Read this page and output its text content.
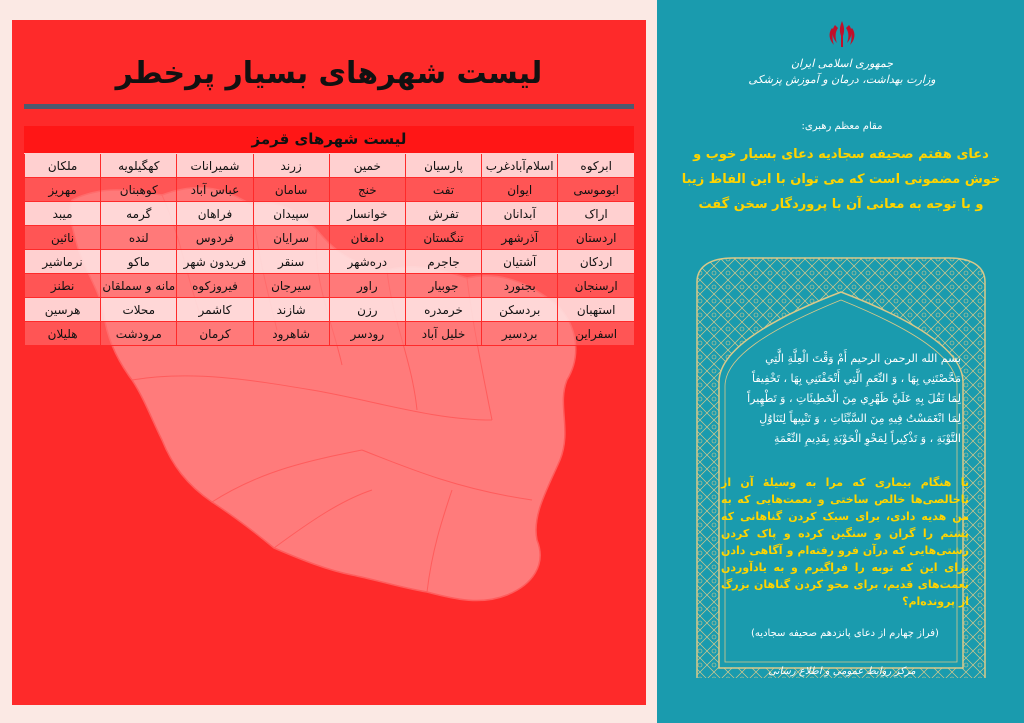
لیست شهرهای بسیار پرخطر
لیست شهرهای قرمز
ابرکوه	اسلام‌آباد‌غرب	پارسیان	خمین	زرند	شمیرانات	کهگیلویه	ملکان
ابوموسی	ایوان	تفت	خنج	سامان	عباس آباد	کوهبنان	مهریز
اراک	آبدانان	تفرش	خوانسار	سپیدان	فراهان	گرمه	میبد
اردستان	آذرشهر	تنگستان	دامغان	سرایان	فردوس	لنده	نائین
اردکان	آشتیان	جاجرم	دره‌شهر	سنقر	فریدون شهر	ماکو	نرماشیر
ارسنجان	بجنورد	جوبیار	راور	سیرجان	فیروزکوه	مانه و سملقان	نطنز
استهبان	بردسکن	خرمدره	رزن	شازند	کاشمر	محلات	هرسین
اسفراین	بردسیر	خلیل آباد	رودسر	شاهرود	کرمان	مرودشت	هلیلان
جمهوری اسلامی ایران
وزارت بهداشت، درمان و آموزش پزشکی
مقام معظم رهبری:
دعای هفتم صحیفه سجادیه دعای بسیار خوب و خوش مضمونی است که می توان با این الفاظ زیبا و با توجه به معانی آن با پروردگار سخن گفت
بسم الله الرحمن الرحيم أَمْ وَقْتَ الْعِلَّةِ الَّتِي مَحَّصْتَنِي بِهَا ، وَ النِّعَمِ الَّتِي أَتْحَفْتَنِي بِهَا ، تَخْفِيفاً لِمَا ثَقُلَ بِهِ عَلَيَّ ظَهْرِي مِنَ الْخَطِيئَاتِ ، وَ تَطْهِيراً لِمَا انْغَمَسْتُ فِيهِ مِنَ السَّيِّئَاتِ ، وَ تَنْبِيهاً لِتَنَاوُلِ التَّوْبَةِ ، وَ تَذْكِيراً لِمَحْوِ الْحَوْبَةِ بِقَدِيمِ النِّعْمَةِ
یا هنگام بیماری که مرا به وسیلهٔ آن از ناخالصی‌ها خالص ساختی و نعمت‌هایی که به من هدیه دادی، برای سبک کردن گناهانی که پشتم را گران و سنگین کرده و پاک کردن زشتی‌هایی که درآن فرو رفته‌ام و آگاهی دادن برای این که توبه را فراگیرم و به یادآوردن نعمت‌های قدیم، برای محو کردن گناهان بزرگ از پرونده‌ام؟
(فراز چهارم از دعای پانزدهم صحیفه سجادیه)
مرکز روابط عمومی و اطلاع رسانی
